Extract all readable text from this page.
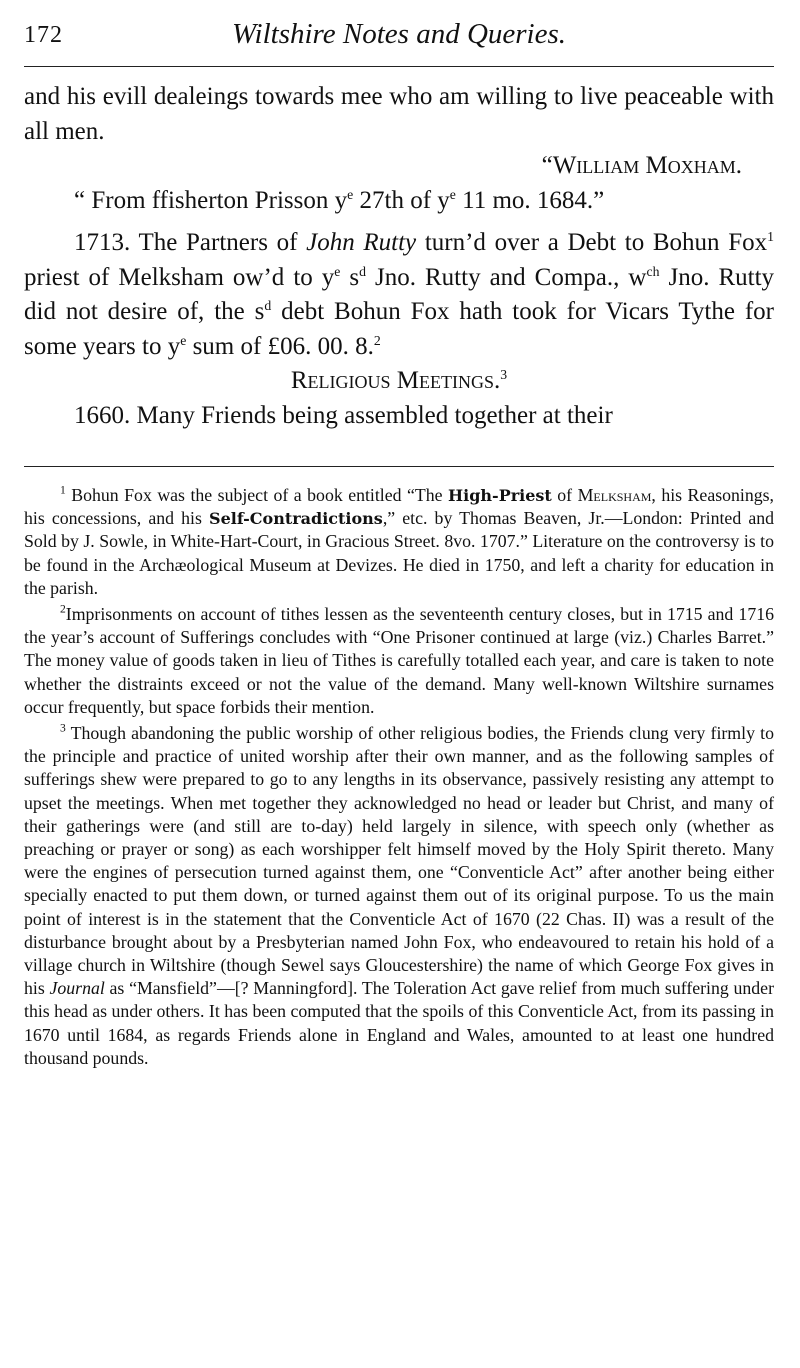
172	Wiltshire Notes and Queries.

and his evill dealeings towards mee who am willing to live peaceable with all men.

“William Moxham.

“ From ffisherton Prisson $y^e$ 27th of $y^e$ 11 mo. 1684.”

1713. The Partners of John Rutty turn’d over a Debt to Bohun Fox$^1$ priest of Melksham ow’d to $y^e$ $s^d$ Jno. Rutty and Compa., $w^{ch}$ Jno. Rutty did not desire of, the $s^d$ debt Bohun Fox hath took for Vicars Tythe for some years to $y^e$ sum of £06. 00. 8.$^2$

Religious Meetings.$^3$

1660. Many Friends being assembled together at their

$^1$ Bohun Fox was the subject of a book entitled “The High-Priest of Melksham, his Reasonings, his concessions, and his Self-Contradictions,” etc. by Thomas Beaven, Jr.—London: Printed and Sold by J. Sowle, in White-Hart-Court, in Gracious Street. 8vo. 1707.” Literature on the controversy is to be found in the Archæological Museum at Devizes. He died in 1750, and left a charity for education in the parish.

$^2$Imprisonments on account of tithes lessen as the seventeenth century closes, but in 1715 and 1716 the year’s account of Sufferings concludes with “One Prisoner continued at large (viz.) Charles Barret.” The money value of goods taken in lieu of Tithes is carefully totalled each year, and care is taken to note whether the distraints exceed or not the value of the demand. Many well-known Wiltshire surnames occur frequently, but space forbids their mention.

$^3$ Though abandoning the public worship of other religious bodies, the Friends clung very firmly to the principle and practice of united worship after their own manner, and as the following samples of sufferings shew were prepared to go to any lengths in its observance, passively resisting any attempt to upset the meetings. When met together they acknowledged no head or leader but Christ, and many of their gatherings were (and still are to-day) held largely in silence, with speech only (whether as preaching or prayer or song) as each worshipper felt himself moved by the Holy Spirit thereto. Many were the engines of persecution turned against them, one “Conventicle Act” after another being either specially enacted to put them down, or turned against them out of its original purpose. To us the main point of interest is in the statement that the Conventicle Act of 1670 (22 Chas. II) was a result of the disturbance brought about by a Presbyterian named John Fox, who endeavoured to retain his hold of a village church in Wiltshire (though Sewel says Gloucestershire) the name of which George Fox gives in his Journal as “Mansfield”—[? Manningford]. The Toleration Act gave relief from much suffering under this head as under others. It has been computed that the spoils of this Conventicle Act, from its passing in 1670 until 1684, as regards Friends alone in England and Wales, amounted to at least one hundred thousand pounds.
